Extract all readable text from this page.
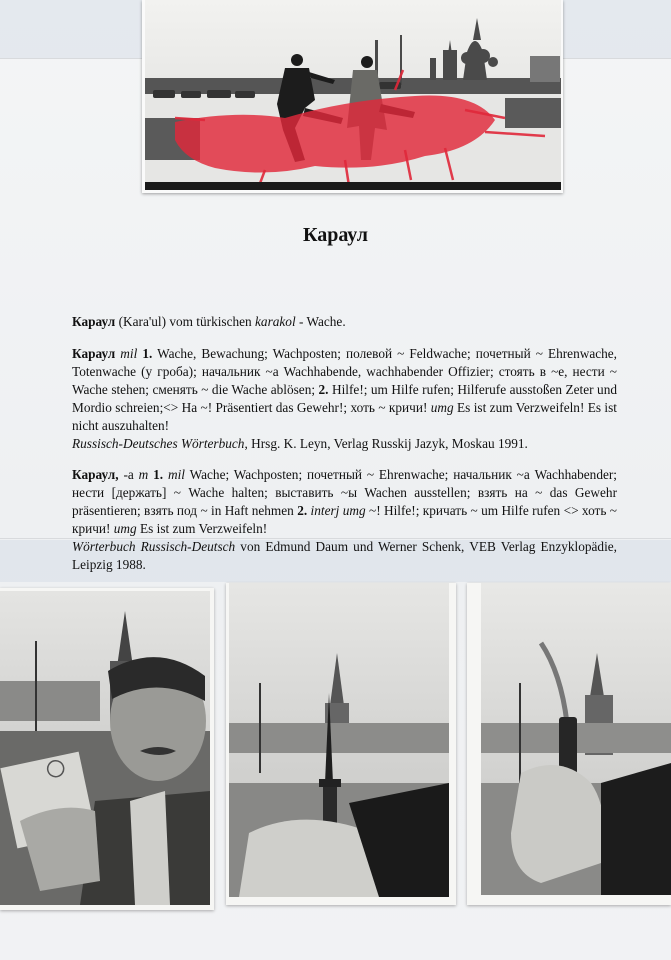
Караул

Караул (Kara'ul) vom türkischen karakol - Wache.

Караул mil 1. Wache, Bewachung; Wachposten; полевой ~ Feldwache; почетный ~ Ehrenwache, Totenwache (у гроба); начальник ~а Wachhabende, wachhabender Offizier; стоять в ~е, нести ~ Wache stehen; сменять ~ die Wache ablösen; 2. Hilfe!; um Hilfe rufen; Hilferufe ausstoßen Zeter und Mordio schreien;<> На ~! Präsentiert das Gewehr!; хоть ~ кричи! umg Es ist zum Verzweifeln! Es ist nicht auszuhalten!

Russisch-Deutsches Wörterbuch, Hrsg. K. Leyn, Verlag Russkij Jazyk, Moskau 1991.

Караул, -а m 1. mil Wache; Wachposten; почетный ~ Ehrenwache; начальник ~а Wachhabender; нести [держать] ~ Wache halten; выставить ~ы Wachen ausstellen; взять на ~ das Gewehr präsentieren; взять под ~ in Haft nehmen 2. interj umg ~! Hilfe!; кричать ~ um Hilfe rufen <> хоть ~ кричи! umg Es ist zum Verzweifeln!

Wörterbuch Russisch-Deutsch von Edmund Daum und Werner Schenk, VEB Verlag Enzyklopädie, Leipzig 1988.
